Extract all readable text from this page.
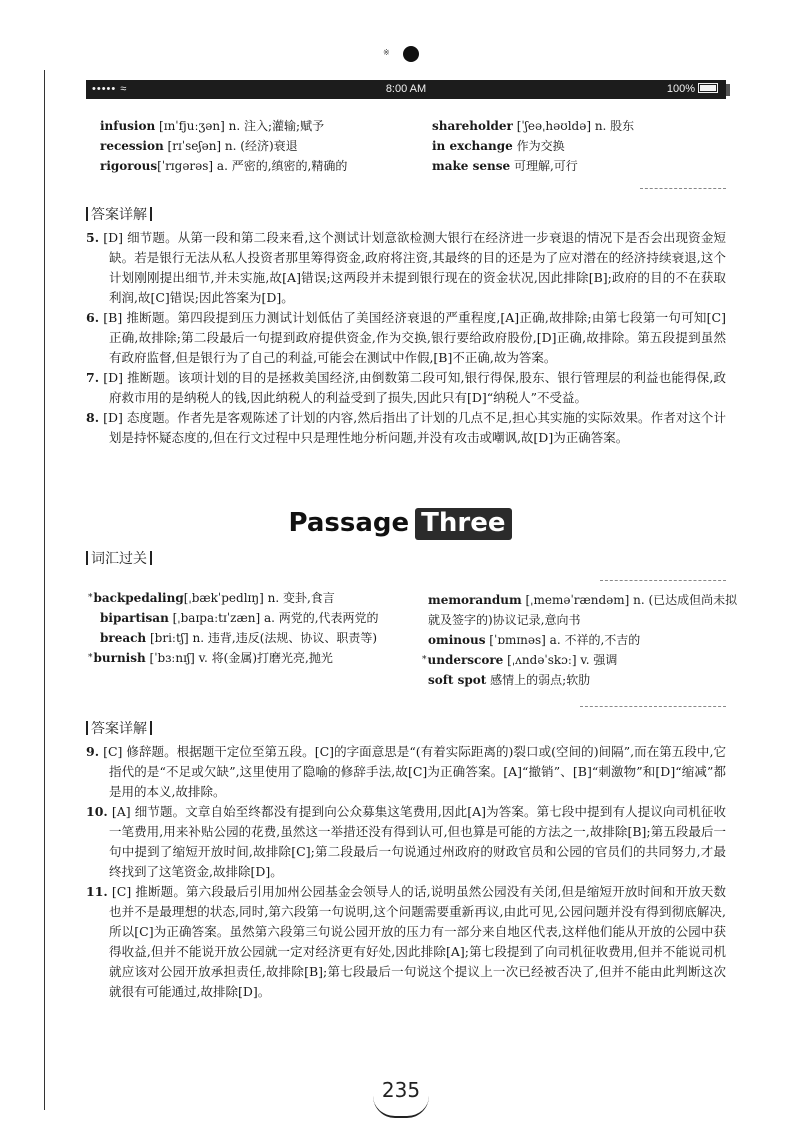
※
••••• ≈	8:00 AM	100%
infusion [ɪnˈfjuːʒən] n. 注入;灌输;赋予
recession [rɪˈseʃən] n. (经济)衰退
rigorous[ˈrɪgərəs] a. 严密的,缜密的,精确的
shareholder [ˈʃeəˌhəʊldə] n. 股东
in exchange 作为交换
make sense 可理解,可行
答案详解

5. [D] 细节题。从第一段和第二段来看,这个测试计划意欲检测大银行在经济进一步衰退的情况下是否会出现资金短缺。若是银行无法从私人投资者那里筹得资金,政府将注资,其最终的目的还是为了应对潜在的经济持续衰退,这个计划刚刚提出细节,并未实施,故[A]错误;这两段并未提到银行现在的资金状况,因此排除[B];政府的目的不在获取利润,故[C]错误;因此答案为[D]。

6. [B] 推断题。第四段提到压力测试计划低估了美国经济衰退的严重程度,[A]正确,故排除;由第七段第一句可知[C]正确,故排除;第二段最后一句提到政府提供资金,作为交换,银行要给政府股份,[D]正确,故排除。第五段提到虽然有政府监督,但是银行为了自己的利益,可能会在测试中作假,[B]不正确,故为答案。

7. [D] 推断题。该项计划的目的是拯救美国经济,由倒数第二段可知,银行得保,股东、银行管理层的利益也能得保,政府救市用的是纳税人的钱,因此纳税人的利益受到了损失,因此只有[D]“纳税人”不受益。

8. [D] 态度题。作者先是客观陈述了计划的内容,然后指出了计划的几点不足,担心其实施的实际效果。作者对这个计划是持怀疑态度的,但在行文过程中只是理性地分析问题,并没有攻击或嘲讽,故[D]为正确答案。

Passage Three
词汇过关
*backpedaling[ˌbækˈpedlɪŋ] n. 变卦,食言
bipartisan [ˌbaɪpaːtɪˈzæn] a. 两党的,代表两党的
breach [briːtʃ] n. 违背,违反(法规、协议、职责等)
*burnish [ˈbɜːnɪʃ] v. 将(金属)打磨光亮,抛光
memorandum [ˌmeməˈrændəm] n. (已达成但尚未拟就及签字的)协议记录,意向书
ominous [ˈɒmɪnəs] a. 不祥的,不吉的
*underscore [ˌʌndəˈskɔː] v. 强调
soft spot 感情上的弱点;软肋
答案详解

9. [C] 修辞题。根据题干定位至第五段。[C]的字面意思是“(有着实际距离的)裂口或(空间的)间隔”,而在第五段中,它指代的是“不足或欠缺”,这里使用了隐喻的修辞手法,故[C]为正确答案。[A]“撤销”、[B]“刺激物”和[D]“缩减”都是用的本义,故排除。

10. [A] 细节题。文章自始至终都没有提到向公众募集这笔费用,因此[A]为答案。第七段中提到有人提议向司机征收一笔费用,用来补贴公园的花费,虽然这一举措还没有得到认可,但也算是可能的方法之一,故排除[B];第五段最后一句中提到了缩短开放时间,故排除[C];第二段最后一句说通过州政府的财政官员和公园的官员们的共同努力,才最终找到了这笔资金,故排除[D]。

11. [C] 推断题。第六段最后引用加州公园基金会领导人的话,说明虽然公园没有关闭,但是缩短开放时间和开放天数也并不是最理想的状态,同时,第六段第一句说明,这个问题需要重新再议,由此可见,公园问题并没有得到彻底解决,所以[C]为正确答案。虽然第六段第三句说公园开放的压力有一部分来自地区代表,这样他们能从开放的公园中获得收益,但并不能说开放公园就一定对经济更有好处,因此排除[A];第七段提到了向司机征收费用,但并不能说司机就应该对公园开放承担责任,故排除[B];第七段最后一句说这个提议上一次已经被否决了,但并不能由此判断这次就很有可能通过,故排除[D]。

235
